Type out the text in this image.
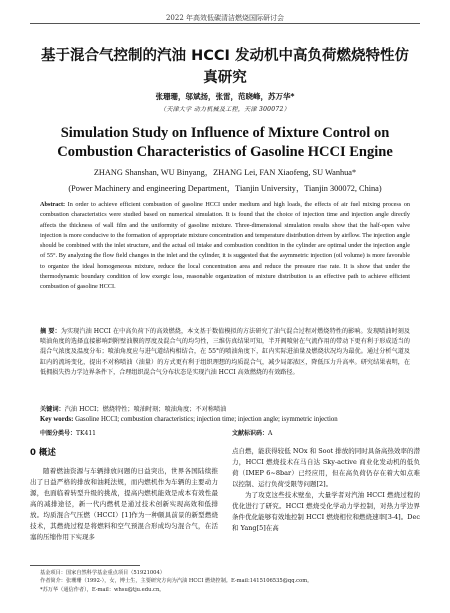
2022 年高效低碳清洁燃烧国际研讨会
基于混合气控制的汽油 HCCI 发动机中高负荷燃烧特性仿真研究
张珊珊，邬斌扬，张雷，范晓峰，苏万华*
（天津大学 动力机械及工程，天津 300072）
Simulation Study on Influence of Mixture Control on Combustion Characteristics of Gasoline HCCI Engine
ZHANG Shanshan, WU Binyang，ZHANG Lei, FAN Xiaofeng, SU Wanhua*
(Power Machinery and engineering Department，Tianjin University，Tianjin 300072, China)
Abstract: In order to achieve efficient combustion of gasoline HCCI under medium and high loads, the effects of air fuel mixing process on combustion characteristics were studied based on numerical simulation. It is found that the choice of injection time and injection angle directly affects the thickness of wall film and the uniformity of gasoline mixture. Three-dimensional simulation results show that the half-open valve injection is more conducive to the formation of appropriate mixture concentration and temperature distribution driven by airflow. The injection angle should be combined with the inlet structure, and the actual oil intake and combustion condition in the cylinder are optimal under the injection angle of 55°. By analyzing the flow field changes in the inlet and the cylinder, it is suggested that the asymmetric injection (oil volume) is more favorable to organize the ideal homogeneous mixture, reduce the local concentration area and reduce the pressure rise rate. It is show that under the thermodynamic boundary condition of low exergic loss, reasonable organization of mixture distribution is an effective path to achieve efficient combustion of gasoline HCCI.
摘 要：为实现汽油 HCCI 在中高负荷下的高效燃烧，本文基于数值模拟的方法研究了油气混合过程对燃烧特性的影响。发现喷油时刻及喷油角度的选择直接影响到附壁油膜的厚度及混合气的均匀性，三维仿真结果可知，半开阀喷射在气流作用的带动下更有利于形成适当的混合气浓度及温度分布；喷油角度应与进气道结构相结合，在 55°的喷油角度下，缸内实际进油量及燃烧状况均为最优。通过分析气道及缸内的流场变化，提出不对称喷油（油量）的方式更有利于组织理想的均质混合气，减少局部浓区，降低压力升高率。研究结果表明，在低拥损失热力学边界条件下，合理组织混合气分布状态是实现汽油 HCCI 高效燃烧的有效路径。
关键词：汽油 HCCI；燃烧特性；喷油时刻；喷油角度；不对称喷油
Key words: Gasoline HCCI; combustion characteristics; injection time; injection angle; isymmetric injection
中图分类号：TK411	文献标识码：A
0 概述

随着燃油资源与车辆排放问题的日益突出，世界各国陆续推出了日益严格的排放和油耗法规，而内燃机作为车辆的主要动力源，也面临着转型升级的挑战，提高内燃机能效是成本有效性最高的减排途径，新一代内燃机是通过技术创新实现高效和低排放。均质混合气压燃（HCCI）[1]作为一种颇具前景的新型燃烧技术，其燃烧过程是将燃料和空气预混合形成均匀混合气，在活塞的压缩作用下实现多

点自燃，能获得较低 NOx 和 Soot 排放的同时具备高热效率的潜力，HCCI 燃烧技术在马自达 Sky-active 商业化发动机的低负荷（IMEP 6~8bar）已经应用，但在高负荷仍存在着大如点难以控制、运行负荷受限等问题[2]。

为了攻克这些技术壁垒，大量学者对汽油 HCCI 燃烧过程的优化进行了研究。HCCI 燃烧受化学动力学控制，对热力学边界条件优化能够有效地控制 HCCI 燃烧相位和燃烧速率[3-4]。Dec 和 Yang[5]在高

基金项目：国家自然科学基金重点项目（51921004）
作者简介：张珊珊（1992-），女，博士生，主要研究方向为汽油 HCCI 燃烧控制。E-mail:1415106535@qq.com。
*苏万华（通信作者），E-mail：whsu@tju.edu.cn。
